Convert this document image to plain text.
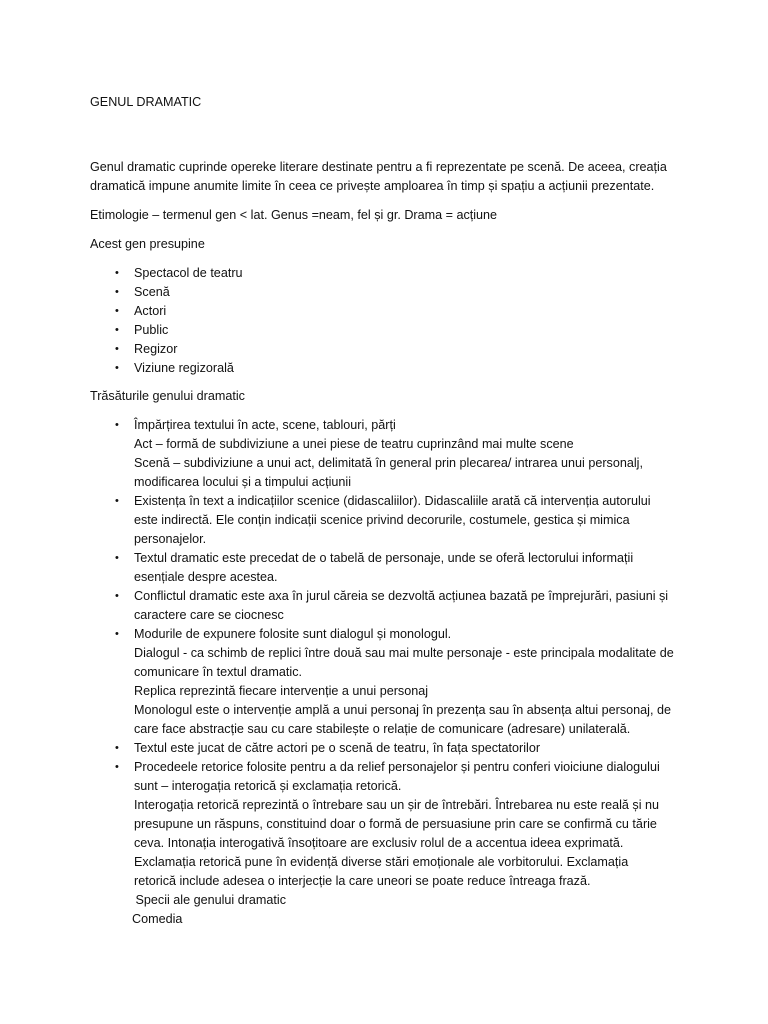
GENUL DRAMATIC

Genul dramatic cuprinde opereke literare destinate pentru a fi reprezentate pe scenă. De aceea, creația
dramatică impune anumite limite în ceea ce privește amploarea în timp și spațiu a acțiunii prezentate.

Etimologie – termenul gen < lat. Genus =neam, fel și gr. Drama = acțiune

Acest gen presupine

• Spectacol de teatru
• Scenă
• Actori
• Public
• Regizor
• Viziune regizorală

Trăsăturile genului dramatic

• Împărțirea textului în acte, scene, tablouri, părți
Act – formă de subdiviziune a unei piese de teatru cuprinzând mai multe scene
Scenă – subdiviziune a unui act, delimitată în general prin plecarea/ intrarea unui personalj,
modificarea locului și a timpului acțiunii
• Existența în text a indicațiilor scenice (didascaliilor). Didascaliile arată că intervenția autorului
este indirectă. Ele conțin indicații scenice privind decorurile, costumele, gestica și mimica
personajelor.
• Textul dramatic este precedat de o tabelă de personaje, unde se oferă lectorului informații
esențiale despre acestea.
• Conflictul dramatic este axa în jurul căreia se dezvoltă acțiunea bazată pe împrejurări, pasiuni și
caractere care se ciocnesc
• Modurile de expunere folosite sunt dialogul și monologul.
Dialogul - ca schimb de replici între două sau mai multe personaje - este principala modalitate de
comunicare în textul dramatic.
Replica reprezintă fiecare intervenție a unui personaj
Monologul este o intervenție amplă a unui personaj în prezența sau în absența altui personaj, de
care face abstracție sau cu care stabilește o relație de comunicare (adresare) unilaterală.
• Textul este jucat de către actori pe o scenă de teatru, în fața spectatorilor
• Procedeele retorice folosite pentru a da relief personajelor și pentru conferi vioiciune dialogului
sunt – interogația retorică și exclamația retorică.
Interogația retorică reprezintă o întrebare sau un șir de întrebări. Întrebarea nu este reală și nu
presupune un răspuns, constituind doar o formă de persuasiune prin care se confirmă cu tărie
ceva. Intonația interogativă însoțitoare are exclusiv rolul de a accentua ideea exprimată.
Exclamația retorică pune în evidență diverse stări emoționale ale vorbitorului. Exclamația
retorică include adesea o interjecție la care uneori se poate reduce întreaga frază.
Specii ale genului dramatic
Comedia
